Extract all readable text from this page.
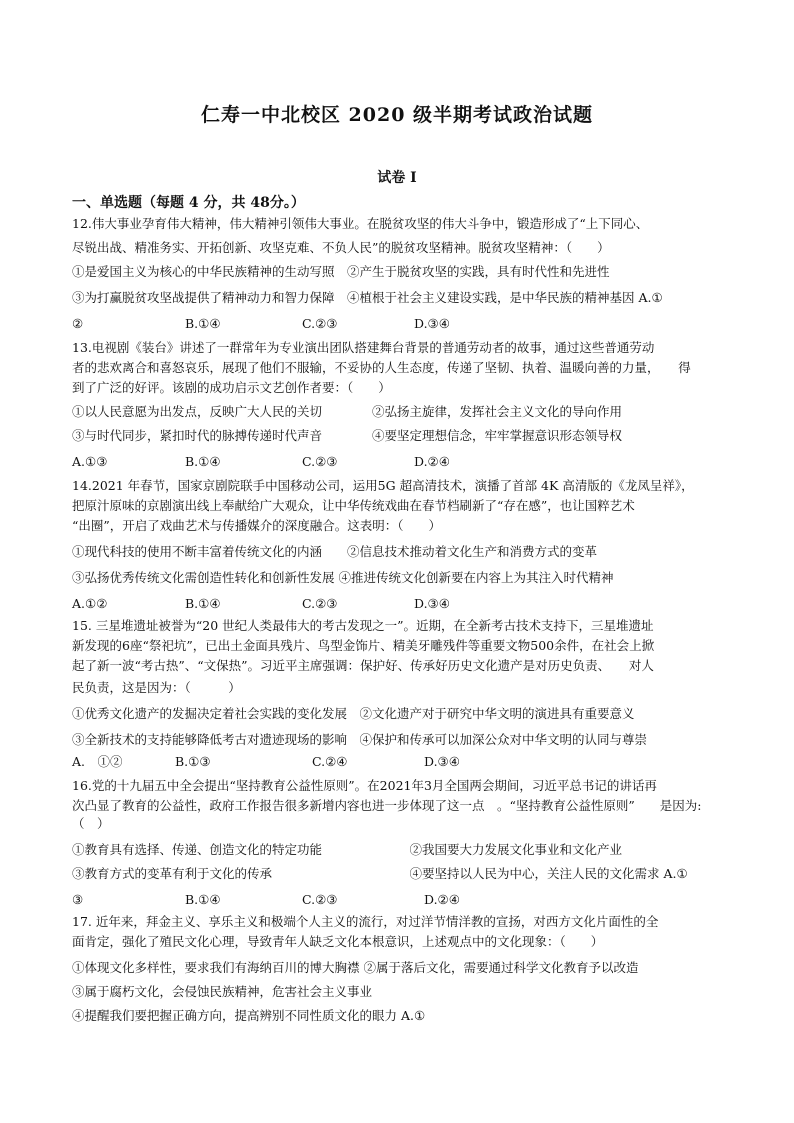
仁寿一中北校区 2020 级半期考试政治试题
试卷 I
一、单选题（每题 4 分，共 48分。）
12.伟大事业孕育伟大精神，伟大精神引领伟大事业。在脱贫攻坚的伟大斗争中，锻造形成了“上下同心、
尽锐出战、精准务实、开拓创新、攻坚克难、不负人民”的脱贫攻坚精神。脱贫攻坚精神：（　　）
①是爱国主义为核心的中华民族精神的生动写照　②产生于脱贫攻坚的实践，具有时代性和先进性
③为打赢脱贫攻坚战提供了精神动力和智力保障　④植根于社会主义建设实践，是中华民族的精神基因 A.①
②	B.①④	C.②③	D.③④
13.电视剧《装台》讲述了一群常年为专业演出团队搭建舞台背景的普通劳动者的故事，通过这些普通劳动
者的悲欢离合和喜怒哀乐，展现了他们不服输，不妥协的人生态度，传递了坚韧、执着、温暖向善的力量，　　得
到了广泛的好评。该剧的成功启示文艺创作者要：（　　）
①以人民意愿为出发点，反映广大人民的关切　　　　②弘扬主旋律，发挥社会主义文化的导向作用
③与时代同步，紧扣时代的脉搏传递时代声音　　　　④要坚定理想信念，牢牢掌握意识形态领导权
A.①③	B.①④	C.②③	D.②④
14.2021 年春节，国家京剧院联手中国移动公司，运用5G 超高清技术，演播了首部 4K 高清版的《龙凤呈祥》，
把原汁原味的京剧演出线上奉献给广大观众，让中华传统戏曲在春节档刷新了“存在感”，也让国粹艺术
“出圈”，开启了戏曲艺术与传播媒介的深度融合。这表明：（　　）
①现代科技的使用不断丰富着传统文化的内涵　　②信息技术推动着文化生产和消费方式的变革
③弘扬优秀传统文化需创造性转化和创新性发展 ④推进传统文化创新要在内容上为其注入时代精神
A.①②	B.①④	C.②③	D.③④
15. 三星堆遗址被誉为“20 世纪人类最伟大的考古发现之一”。近期，在全新考古技术支持下，三星堆遗址
新发现的6座“祭祀坑”，已出土金面具残片、鸟型金饰片、精美牙雕残件等重要文物500余件，在社会上掀
起了新一波“考古热”、“文保热”。习近平主席强调：保护好、传承好历史文化遗产是对历史负责、　　对人
民负责，这是因为：（　　　）
①优秀文化遗产的发掘决定着社会实践的变化发展　②文化遗产对于研究中华文明的演进具有重要意义
③全新技术的支持能够降低考古对遗迹现场的影响　④保护和传承可以加深公众对中华文明的认同与尊崇
A.　①②	B.①③	C.②④	D.③④
16.党的十九届五中全会提出“坚持教育公益性原则”。在2021年3月全国两会期间，习近平总书记的讲话再
次凸显了教育的公益性，政府工作报告很多新增内容也进一步体现了这一点　。“坚持教育公益性原则”　　是因为:
（　）
①教育具有选择、传递、创造文化的特定功能　　　　　　　②我国要大力发展文化事业和文化产业
③教育方式的变革有利于文化的传承　　　　　　　　　　　④要坚持以人民为中心，关注人民的文化需求 A.①
③	B.①④	C.②③	D.②④
17. 近年来，拜金主义、享乐主义和极端个人主义的流行，对过洋节情洋教的宣扬，对西方文化片面性的全
面肯定，强化了殖民文化心理，导致青年人缺乏文化本根意识，上述观点中的文化现象：（　　）
①体现文化多样性，要求我们有海纳百川的博大胸襟 ②属于落后文化，需要通过科学文化教育予以改造
③属于腐朽文化，会侵蚀民族精神，危害社会主义事业
④提醒我们要把握正确方向，提高辨别不同性质文化的眼力 A.①
